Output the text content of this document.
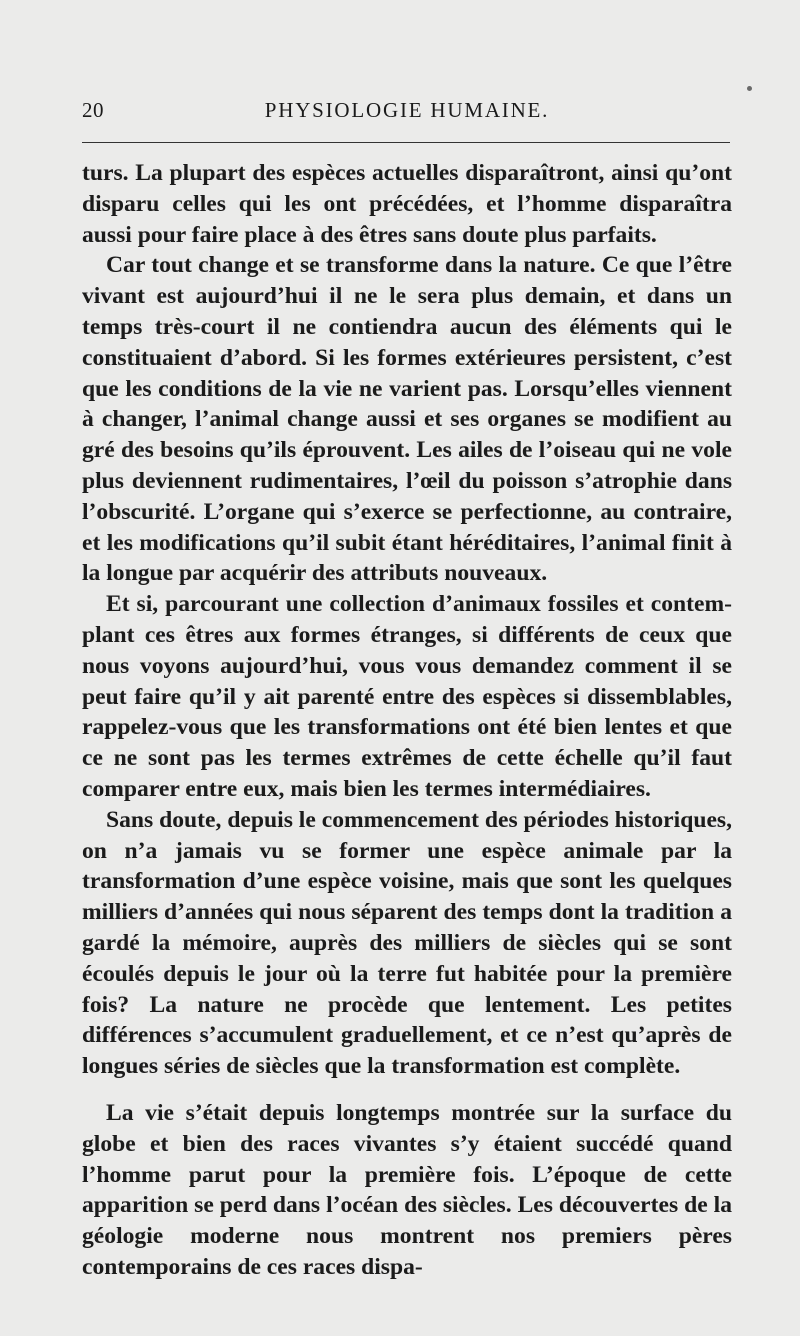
20	PHYSIOLOGIE HUMAINE.

turs. La plupart des espèces actuelles disparaîtront, ainsi qu’ont disparu celles qui les ont précédées, et l’homme disparaîtra aussi pour faire place à des êtres sans doute plus parfaits.

Car tout change et se transforme dans la nature. Ce que l’être vivant est aujourd’hui il ne le sera plus demain, et dans un temps très-court il ne contiendra aucun des éléments qui le constituaient d’abord. Si les formes extérieures persistent, c’est que les conditions de la vie ne varient pas. Lorsqu’elles viennent à changer, l’animal change aussi et ses organes se modifient au gré des besoins qu’ils éprouvent. Les ailes de l’oiseau qui ne vole plus deviennent rudimentaires, l’œil du poisson s’atrophie dans l’obscurité. L’organe qui s’exerce se perfectionne, au contraire, et les modifications qu’il subit étant héréditaires, l’animal finit à la longue par acquérir des attributs nouveaux.

Et si, parcourant une collection d’animaux fossiles et contemplant ces êtres aux formes étranges, si différents de ceux que nous voyons aujourd’hui, vous vous demandez comment il se peut faire qu’il y ait parenté entre des espèces si dissemblables, rappelez-vous que les transformations ont été bien lentes et que ce ne sont pas les termes extrêmes de cette échelle qu’il faut comparer entre eux, mais bien les termes intermédiaires.

Sans doute, depuis le commencement des périodes historiques, on n’a jamais vu se former une espèce animale par la transformation d’une espèce voisine, mais que sont les quelques milliers d’années qui nous séparent des temps dont la tradition a gardé la mémoire, auprès des milliers de siècles qui se sont écoulés depuis le jour où la terre fut habitée pour la première fois? La nature ne procède que lentement. Les petites différences s’accumulent graduellement, et ce n’est qu’après de longues séries de siècles que la transformation est complète.

La vie s’était depuis longtemps montrée sur la surface du globe et bien des races vivantes s’y étaient succédé quand l’homme parut pour la première fois. L’époque de cette apparition se perd dans l’océan des siècles. Les découvertes de la géologie moderne nous montrent nos premiers pères contemporains de ces races dispa-
